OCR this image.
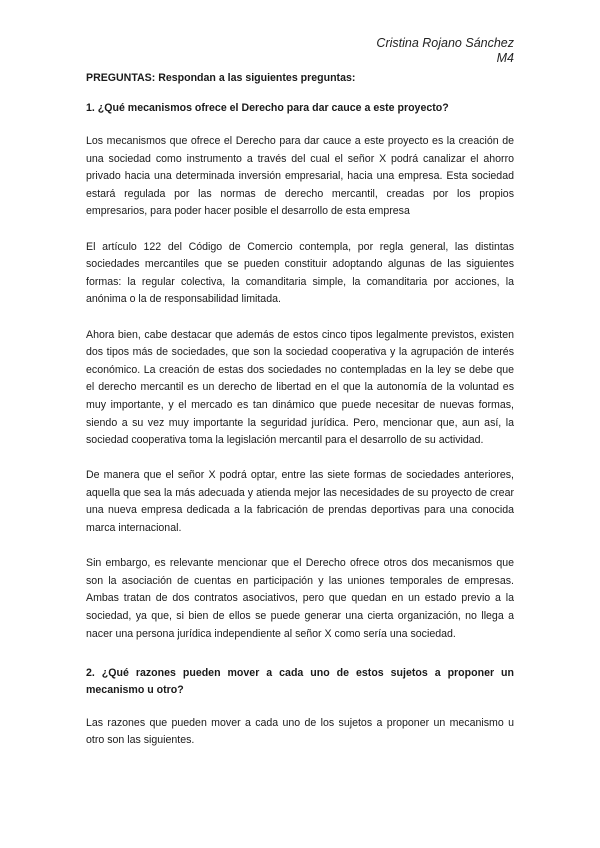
Cristina Rojano Sánchez
M4
PREGUNTAS: Respondan a las siguientes preguntas:
1. ¿Qué mecanismos ofrece el Derecho para dar cauce a este proyecto?

Los mecanismos que ofrece el Derecho para dar cauce a este proyecto es la creación de una sociedad como instrumento a través del cual el señor X podrá canalizar el ahorro privado hacia una determinada inversión empresarial, hacia una empresa. Esta sociedad estará regulada por las normas de derecho mercantil, creadas por los propios empresarios, para poder hacer posible el desarrollo de esta empresa

El artículo 122 del Código de Comercio contempla, por regla general, las distintas sociedades mercantiles que se pueden constituir adoptando algunas de las siguientes formas: la regular colectiva, la comanditaria simple, la comanditaria por acciones, la anónima o la de responsabilidad limitada.

Ahora bien, cabe destacar que además de estos cinco tipos legalmente previstos, existen dos tipos más de sociedades, que son la sociedad cooperativa y la agrupación de interés económico. La creación de estas dos sociedades no contempladas en la ley se debe que el derecho mercantil es un derecho de libertad en el que la autonomía de la voluntad es muy importante, y el mercado es tan dinámico que puede necesitar de nuevas formas, siendo a su vez muy importante la seguridad jurídica. Pero, mencionar que, aun así, la sociedad cooperativa toma la legislación mercantil para el desarrollo de su actividad.

De manera que el señor X podrá optar, entre las siete formas de sociedades anteriores, aquella que sea la más adecuada y atienda mejor las necesidades de su proyecto de crear una nueva empresa dedicada a la fabricación de prendas deportivas para una conocida marca internacional.

Sin embargo, es relevante mencionar que el Derecho ofrece otros dos mecanismos que son la asociación de cuentas en participación y las uniones temporales de empresas. Ambas tratan de dos contratos asociativos, pero que quedan en un estado previo a la sociedad, ya que, si bien de ellos se puede generar una cierta organización, no llega a nacer una persona jurídica independiente al señor X como sería una sociedad.

2. ¿Qué razones pueden mover a cada uno de estos sujetos a proponer un mecanismo u otro?

Las razones que pueden mover a cada uno de los sujetos a proponer un mecanismo u otro son las siguientes.
